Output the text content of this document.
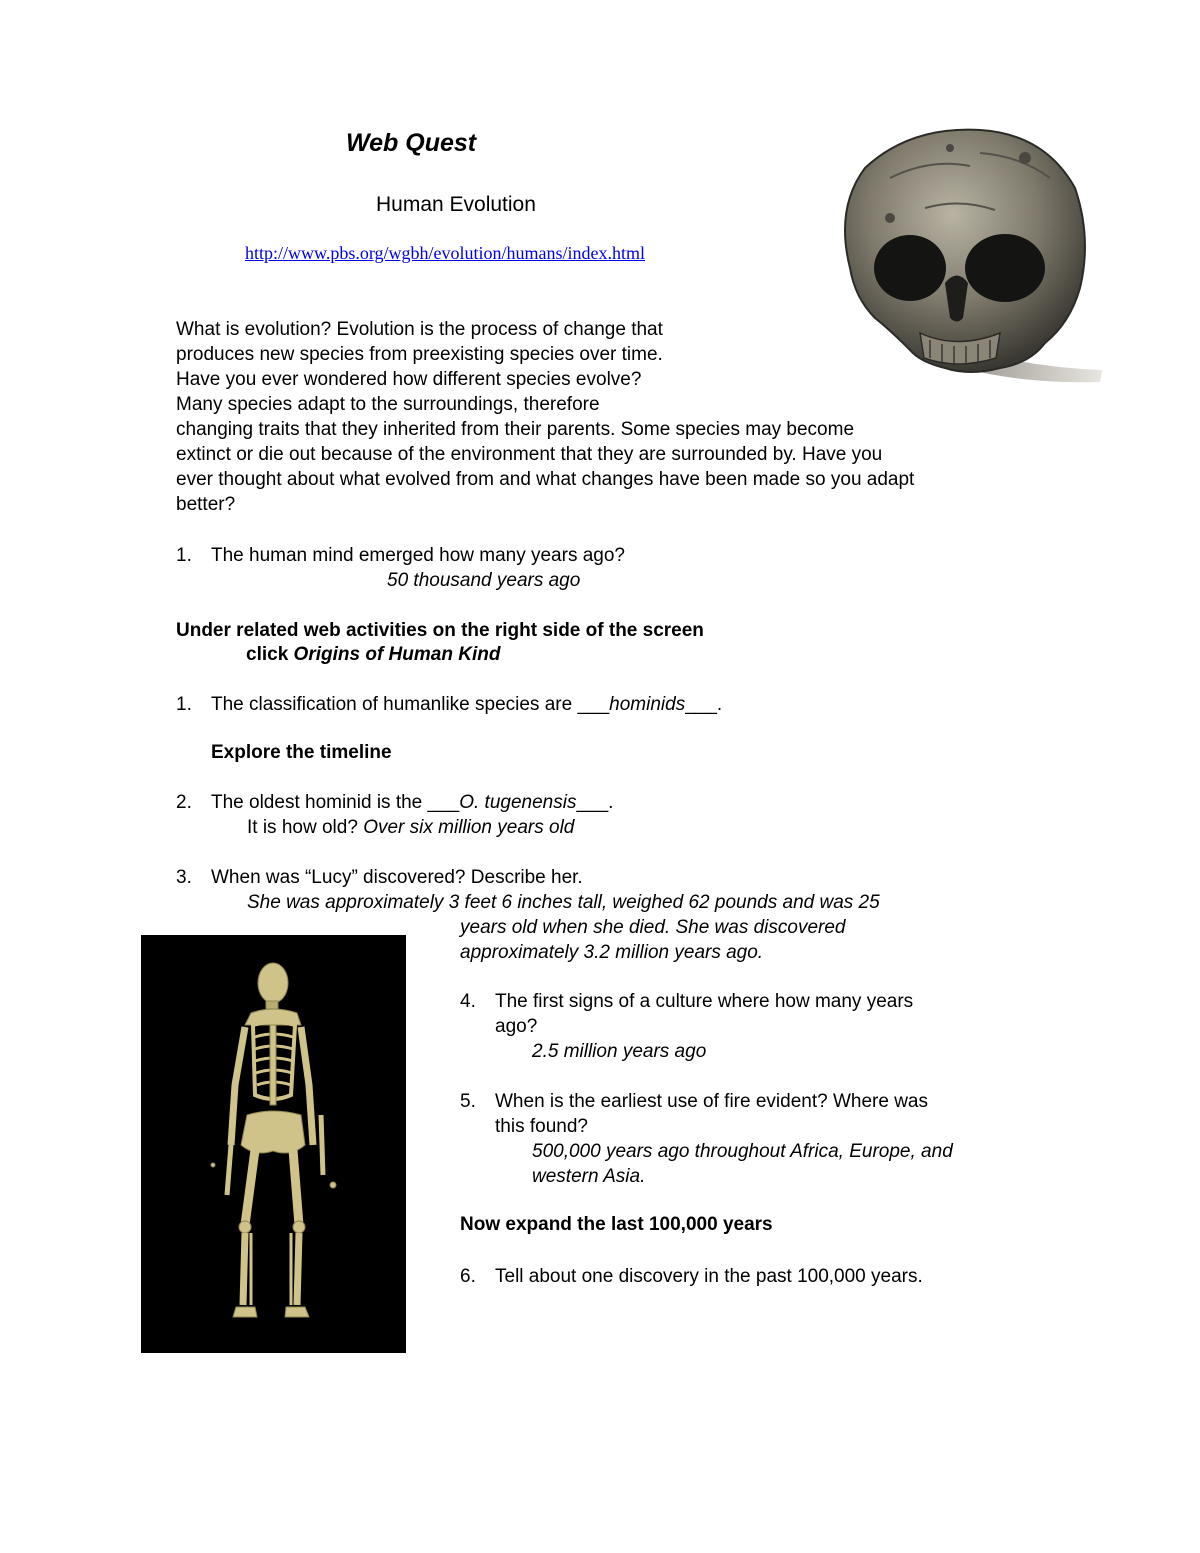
Web Quest
Human Evolution
http://www.pbs.org/wgbh/evolution/humans/index.html
What is evolution? Evolution is the process of change that
produces new species from preexisting species over time.
Have you ever wondered how different species evolve?
Many species adapt to the surroundings, therefore
changing traits that they inherited from their parents. Some species may become
extinct or die out because of the environment that they are surrounded by. Have you
ever thought about what evolved from and what changes have been made so you adapt
better?
1. The human mind emerged how many years ago?
50 thousand years ago
Under related web activities on the right side of the screen
click Origins of Human Kind
1. The classification of humanlike species are ___hominids___.
Explore the timeline
2. The oldest hominid is the ___O. tugenensis___.
It is how old? Over six million years old
3. When was “Lucy” discovered? Describe her.
She was approximately 3 feet 6 inches tall, weighed 62 pounds and was 25
years old when she died. She was discovered
approximately 3.2 million years ago.
4. The first signs of a culture where how many years
ago?
2.5 million years ago
5. When is the earliest use of fire evident? Where was
this found?
500,000 years ago throughout Africa, Europe, and
western Asia.
Now expand the last 100,000 years
6. Tell about one discovery in the past 100,000 years.
